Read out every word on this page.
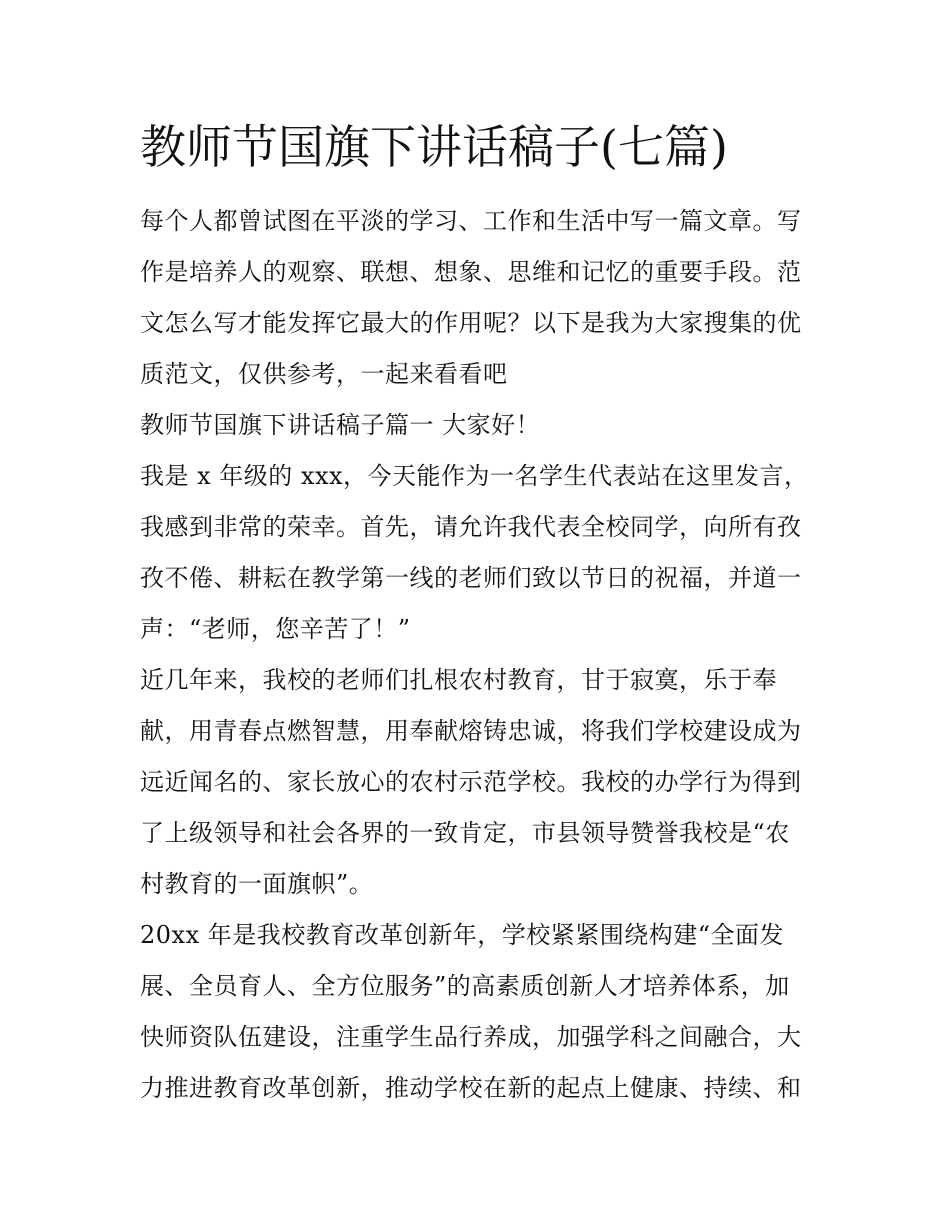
教师节国旗下讲话稿子(七篇)
每个人都曾试图在平淡的学习、工作和生活中写一篇文章。写
作是培养人的观察、联想、想象、思维和记忆的重要手段。范
文怎么写才能发挥它最大的作用呢？以下是我为大家搜集的优
质范文，仅供参考，一起来看看吧
教师节国旗下讲话稿子篇一 大家好！
我是 x 年级的 xxx，今天能作为一名学生代表站在这里发言，
我感到非常的荣幸。首先，请允许我代表全校同学，向所有孜
孜不倦、耕耘在教学第一线的老师们致以节日的祝福，并道一
声：“老师，您辛苦了！”
近几年来，我校的老师们扎根农村教育，甘于寂寞，乐于奉
献，用青春点燃智慧，用奉献熔铸忠诚，将我们学校建设成为
远近闻名的、家长放心的农村示范学校。我校的办学行为得到
了上级领导和社会各界的一致肯定，市县领导赞誉我校是“农
村教育的一面旗帜”。
20xx 年是我校教育改革创新年，学校紧紧围绕构建“全面发
展、全员育人、全方位服务”的高素质创新人才培养体系，加
快师资队伍建设，注重学生品行养成，加强学科之间融合，大
力推进教育改革创新，推动学校在新的起点上健康、持续、和
